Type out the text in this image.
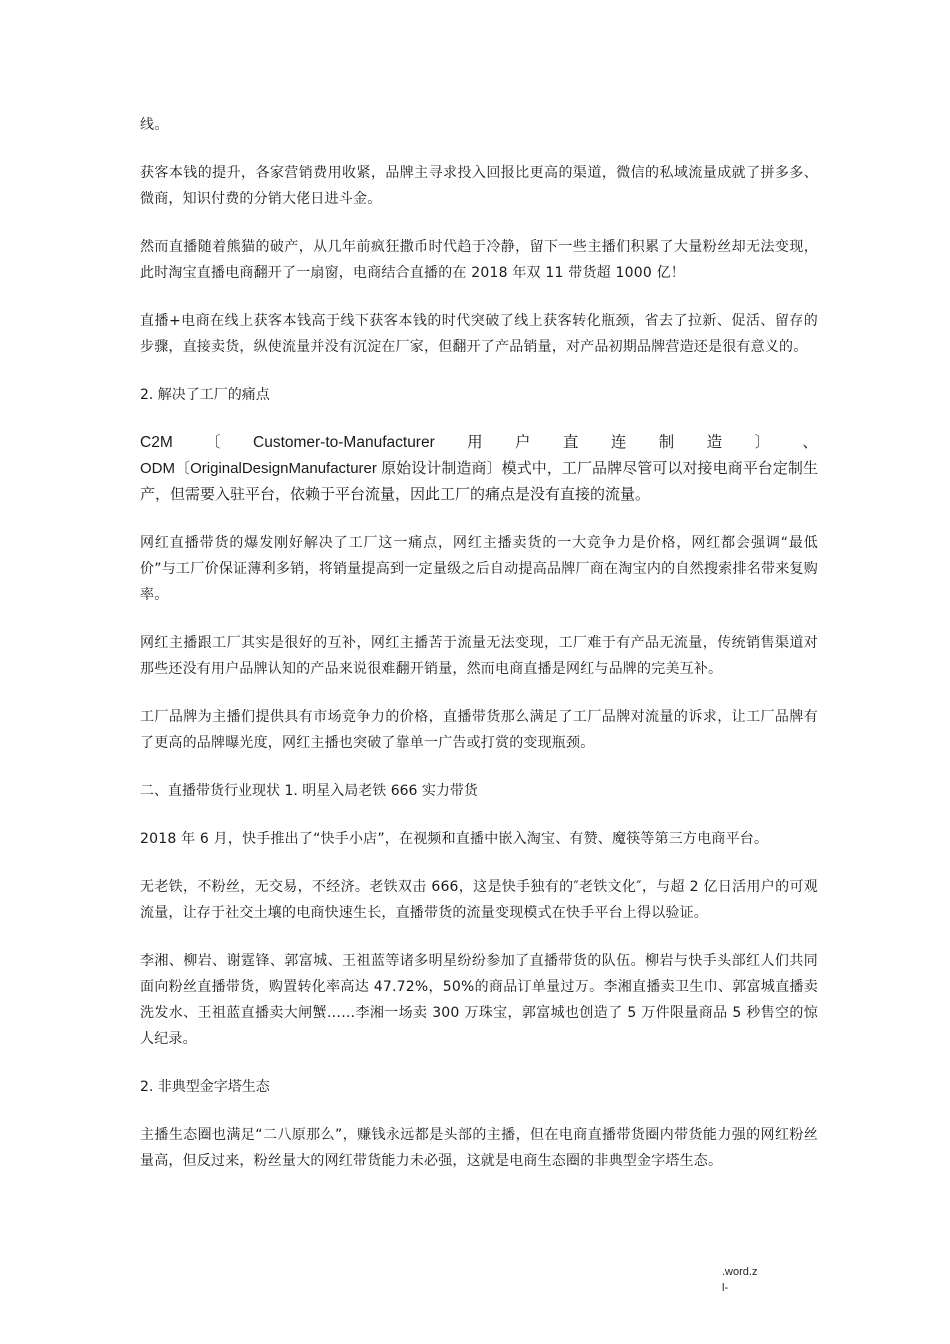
线。

获客本钱的提升，各家营销费用收紧，品牌主寻求投入回报比更高的渠道，微信的私域流量成就了拼多多、微商，知识付费的分销大佬日进斗金。

然而直播随着熊猫的破产，从几年前疯狂撒币时代趋于冷静，留下一些主播们积累了大量粉丝却无法变现，此时淘宝直播电商翻开了一扇窗，电商结合直播的在 2018 年双 11 带货超 1000 亿！

直播+电商在线上获客本钱高于线下获客本钱的时代突破了线上获客转化瓶颈，省去了拉新、促活、留存的步骤，直接卖货，纵使流量并没有沉淀在厂家，但翻开了产品销量，对产品初期品牌营造还是很有意义的。

2. 解决了工厂的痛点

C2M 〔 Customer-to-Manufacturer 用 户 直 连 制 造 〕 、
ODM〔OriginalDesignManufacturer 原始设计制造商〕模式中，工厂品牌尽管可以对接电商平台定制生产，但需要入驻平台，依赖于平台流量，因此工厂的痛点是没有直接的流量。

网红直播带货的爆发刚好解决了工厂这一痛点，网红主播卖货的一大竞争力是价格，网红都会强调“最低价”与工厂价保证薄利多销，将销量提高到一定量级之后自动提高品牌厂商在淘宝内的自然搜索排名带来复购率。

网红主播跟工厂其实是很好的互补，网红主播苦于流量无法变现，工厂难于有产品无流量，传统销售渠道对那些还没有用户品牌认知的产品来说很难翻开销量，然而电商直播是网红与品牌的完美互补。

工厂品牌为主播们提供具有市场竞争力的价格，直播带货那么满足了工厂品牌对流量的诉求，让工厂品牌有了更高的品牌曝光度，网红主播也突破了靠单一广告或打赏的变现瓶颈。

二、直播带货行业现状 1. 明星入局老铁 666 实力带货

2018 年 6 月，快手推出了“快手小店”，在视频和直播中嵌入淘宝、有赞、魔筷等第三方电商平台。

无老铁，不粉丝，无交易，不经济。老铁双击 666，这是快手独有的″老铁文化″，与超 2 亿日活用户的可观流量，让存于社交土壤的电商快速生长，直播带货的流量变现模式在快手平台上得以验证。

李湘、柳岩、谢霆锋、郭富城、王祖蓝等诸多明星纷纷参加了直播带货的队伍。柳岩与快手头部红人们共同面向粉丝直播带货，购置转化率高达 47.72%，50%的商品订单量过万。李湘直播卖卫生巾、郭富城直播卖洗发水、王祖蓝直播卖大闸蟹……李湘一场卖 300 万珠宝，郭富城也创造了 5 万件限量商品 5 秒售空的惊人纪录。

2. 非典型金字塔生态

主播生态圈也满足“二八原那么”，赚钱永远都是头部的主播，但在电商直播带货圈内带货能力强的网红粉丝量高，但反过来，粉丝量大的网红带货能力未必强，这就是电商生态圈的非典型金字塔生态。

.word.z
l-
